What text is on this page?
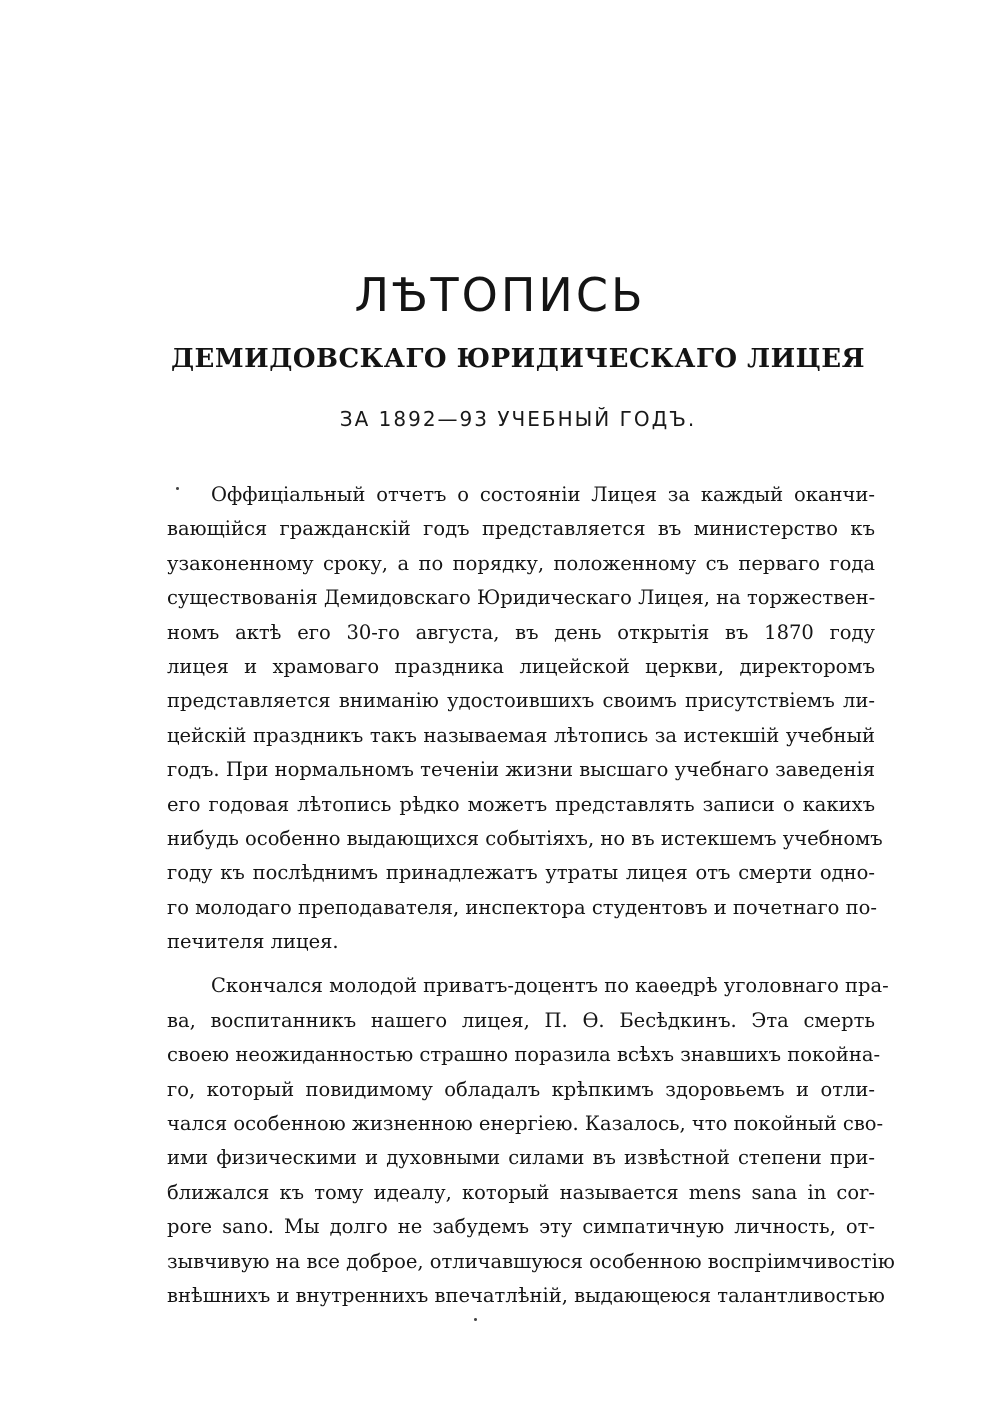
ЛѢТОПИСЬ
ДЕМИДОВСКАГО ЮРИДИЧЕСКАГО ЛИЦЕЯ
ЗА 1892—93 УЧЕБНЫЙ ГОДЪ.
Оффиціальный отчетъ о состояніи Лицея за каждый оканчи-
вающійся гражданскій годъ представляется въ министерство къ
узаконенному сроку, а по порядку, положенному съ перваго года
существованія Демидовскаго Юридическаго Лицея, на торжествен-
номъ актѣ его 30-го августа, въ день открытія въ 1870 году
лицея и храмоваго праздника лицейской церкви, директоромъ
представляется вниманію удостоившихъ своимъ присутствіемъ ли-
цейскій праздникъ такъ называемая лѣтопись за истекшій учебный
годъ. При нормальномъ теченіи жизни высшаго учебнаго заведенія
его годовая лѣтопись рѣдко можетъ представлять записи о какихъ
нибудь особенно выдающихся событіяхъ, но въ истекшемъ учебномъ
году къ послѣднимъ принадлежатъ утраты лицея отъ смерти одно-
го молодаго преподавателя, инспектора студентовъ и почетнаго по-
печителя лицея.
Скончался молодой приватъ-доцентъ по каѳедрѣ уголовнаго пра-
ва, воспитанникъ нашего лицея, П. Ѳ. Бесѣдкинъ. Эта смерть
своею неожиданностью страшно поразила всѣхъ знавшихъ покойна-
го, который повидимому обладалъ крѣпкимъ здоровьемъ и отли-
чался особенною жизненною енергіею. Казалось, что покойный сво-
ими физическими и духовными силами въ извѣстной степени при-
ближался къ тому идеалу, который называется mens sana in cor-
pore sano. Мы долго не забудемъ эту симпатичную личность, от-
зывчивую на все доброе, отличавшуюся особенною воспріимчивостію
внѣшнихъ и внутреннихъ впечатлѣній, выдающеюся талантливостью
